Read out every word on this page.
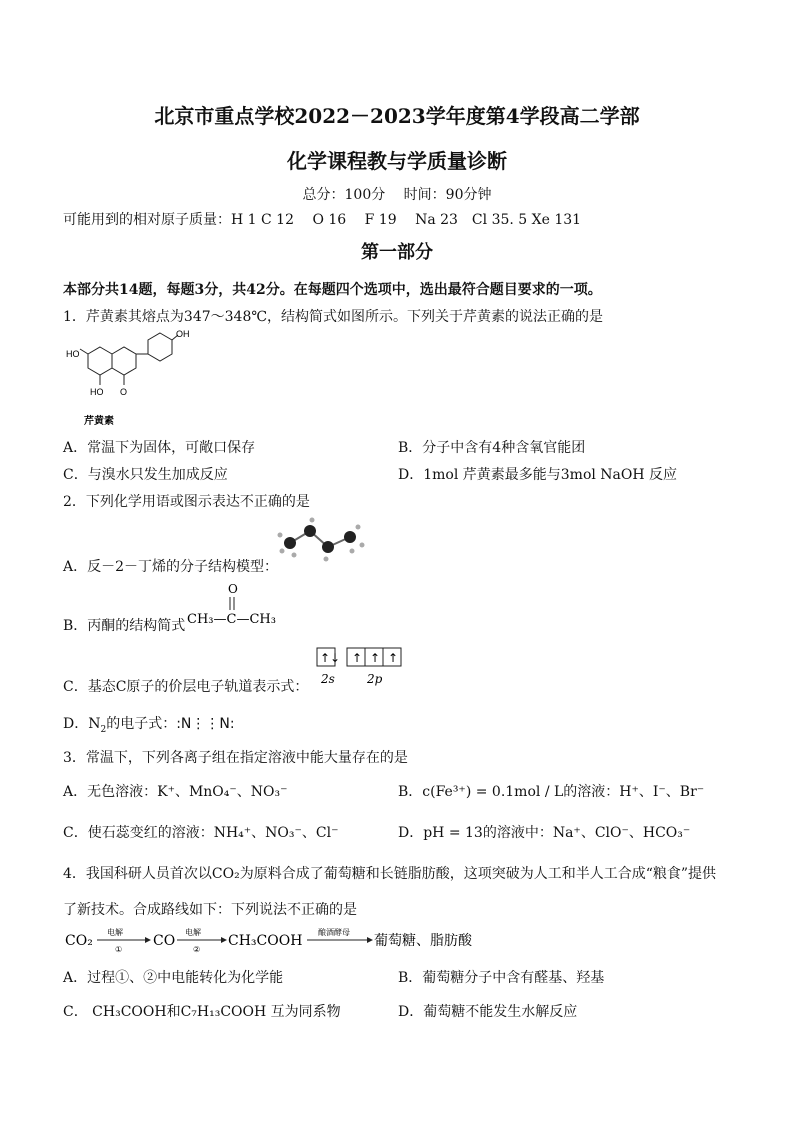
北京市重点学校2022－2023学年度第4学段高二学部
化学课程教与学质量诊断
总分：100分　 时间：90分钟
可能用到的相对原子质量：H 1 C 12　 O 16　 F 19　 Na 23　Cl 35. 5 Xe 131
第一部分
本部分共14题，每题3分，共42分。在每题四个选项中，选出最符合题目要求的一项。
1．芹黄素其熔点为347～348℃，结构简式如图所示。下列关于芹黄素的说法正确的是
HO
OH
HO O
芹黄素
A．常温下为固体，可敞口保存	B．分子中含有4种含氧官能团
C．与溴水只发生加成反应	D．1mol 芹黄素最多能与3mol NaOH 反应
2．下列化学用语或图示表达不正确的是
A．反－2－丁烯的分子结构模型：
B．丙酮的结构简式
O
CH₃—C—CH₃
C．基态C原子的价层电子轨道表示式：
↑↓ ↑ ↑ ↑
2s	2p
D．$N_2$的电子式：:N⋮⋮N:
3．常温下，下列各离子组在指定溶液中能大量存在的是
A．无色溶液：K⁺、MnO₄⁻、NO₃⁻	B．c(Fe³⁺) = 0.1mol / L的溶液：H⁺、I⁻、Br⁻
C．使石蕊变红的溶液：NH₄⁺、NO₃⁻、Cl⁻	D．pH = 13的溶液中：Na⁺、ClO⁻、HCO₃⁻
4．我国科研人员首次以CO₂为原料合成了葡萄糖和长链脂肪酸，这项突破为人工和半人工合成“粮食”提供
了新技术。合成路线如下：下列说法不正确的是
CO₂
电解
①
CO
电解
②
CH₃COOH
酿酒酵母
葡萄糖、脂肪酸
A．过程①、②中电能转化为化学能	B．葡萄糖分子中含有醛基、羟基
C． CH₃COOH和C₇H₁₃COOH 互为同系物	D．葡萄糖不能发生水解反应
